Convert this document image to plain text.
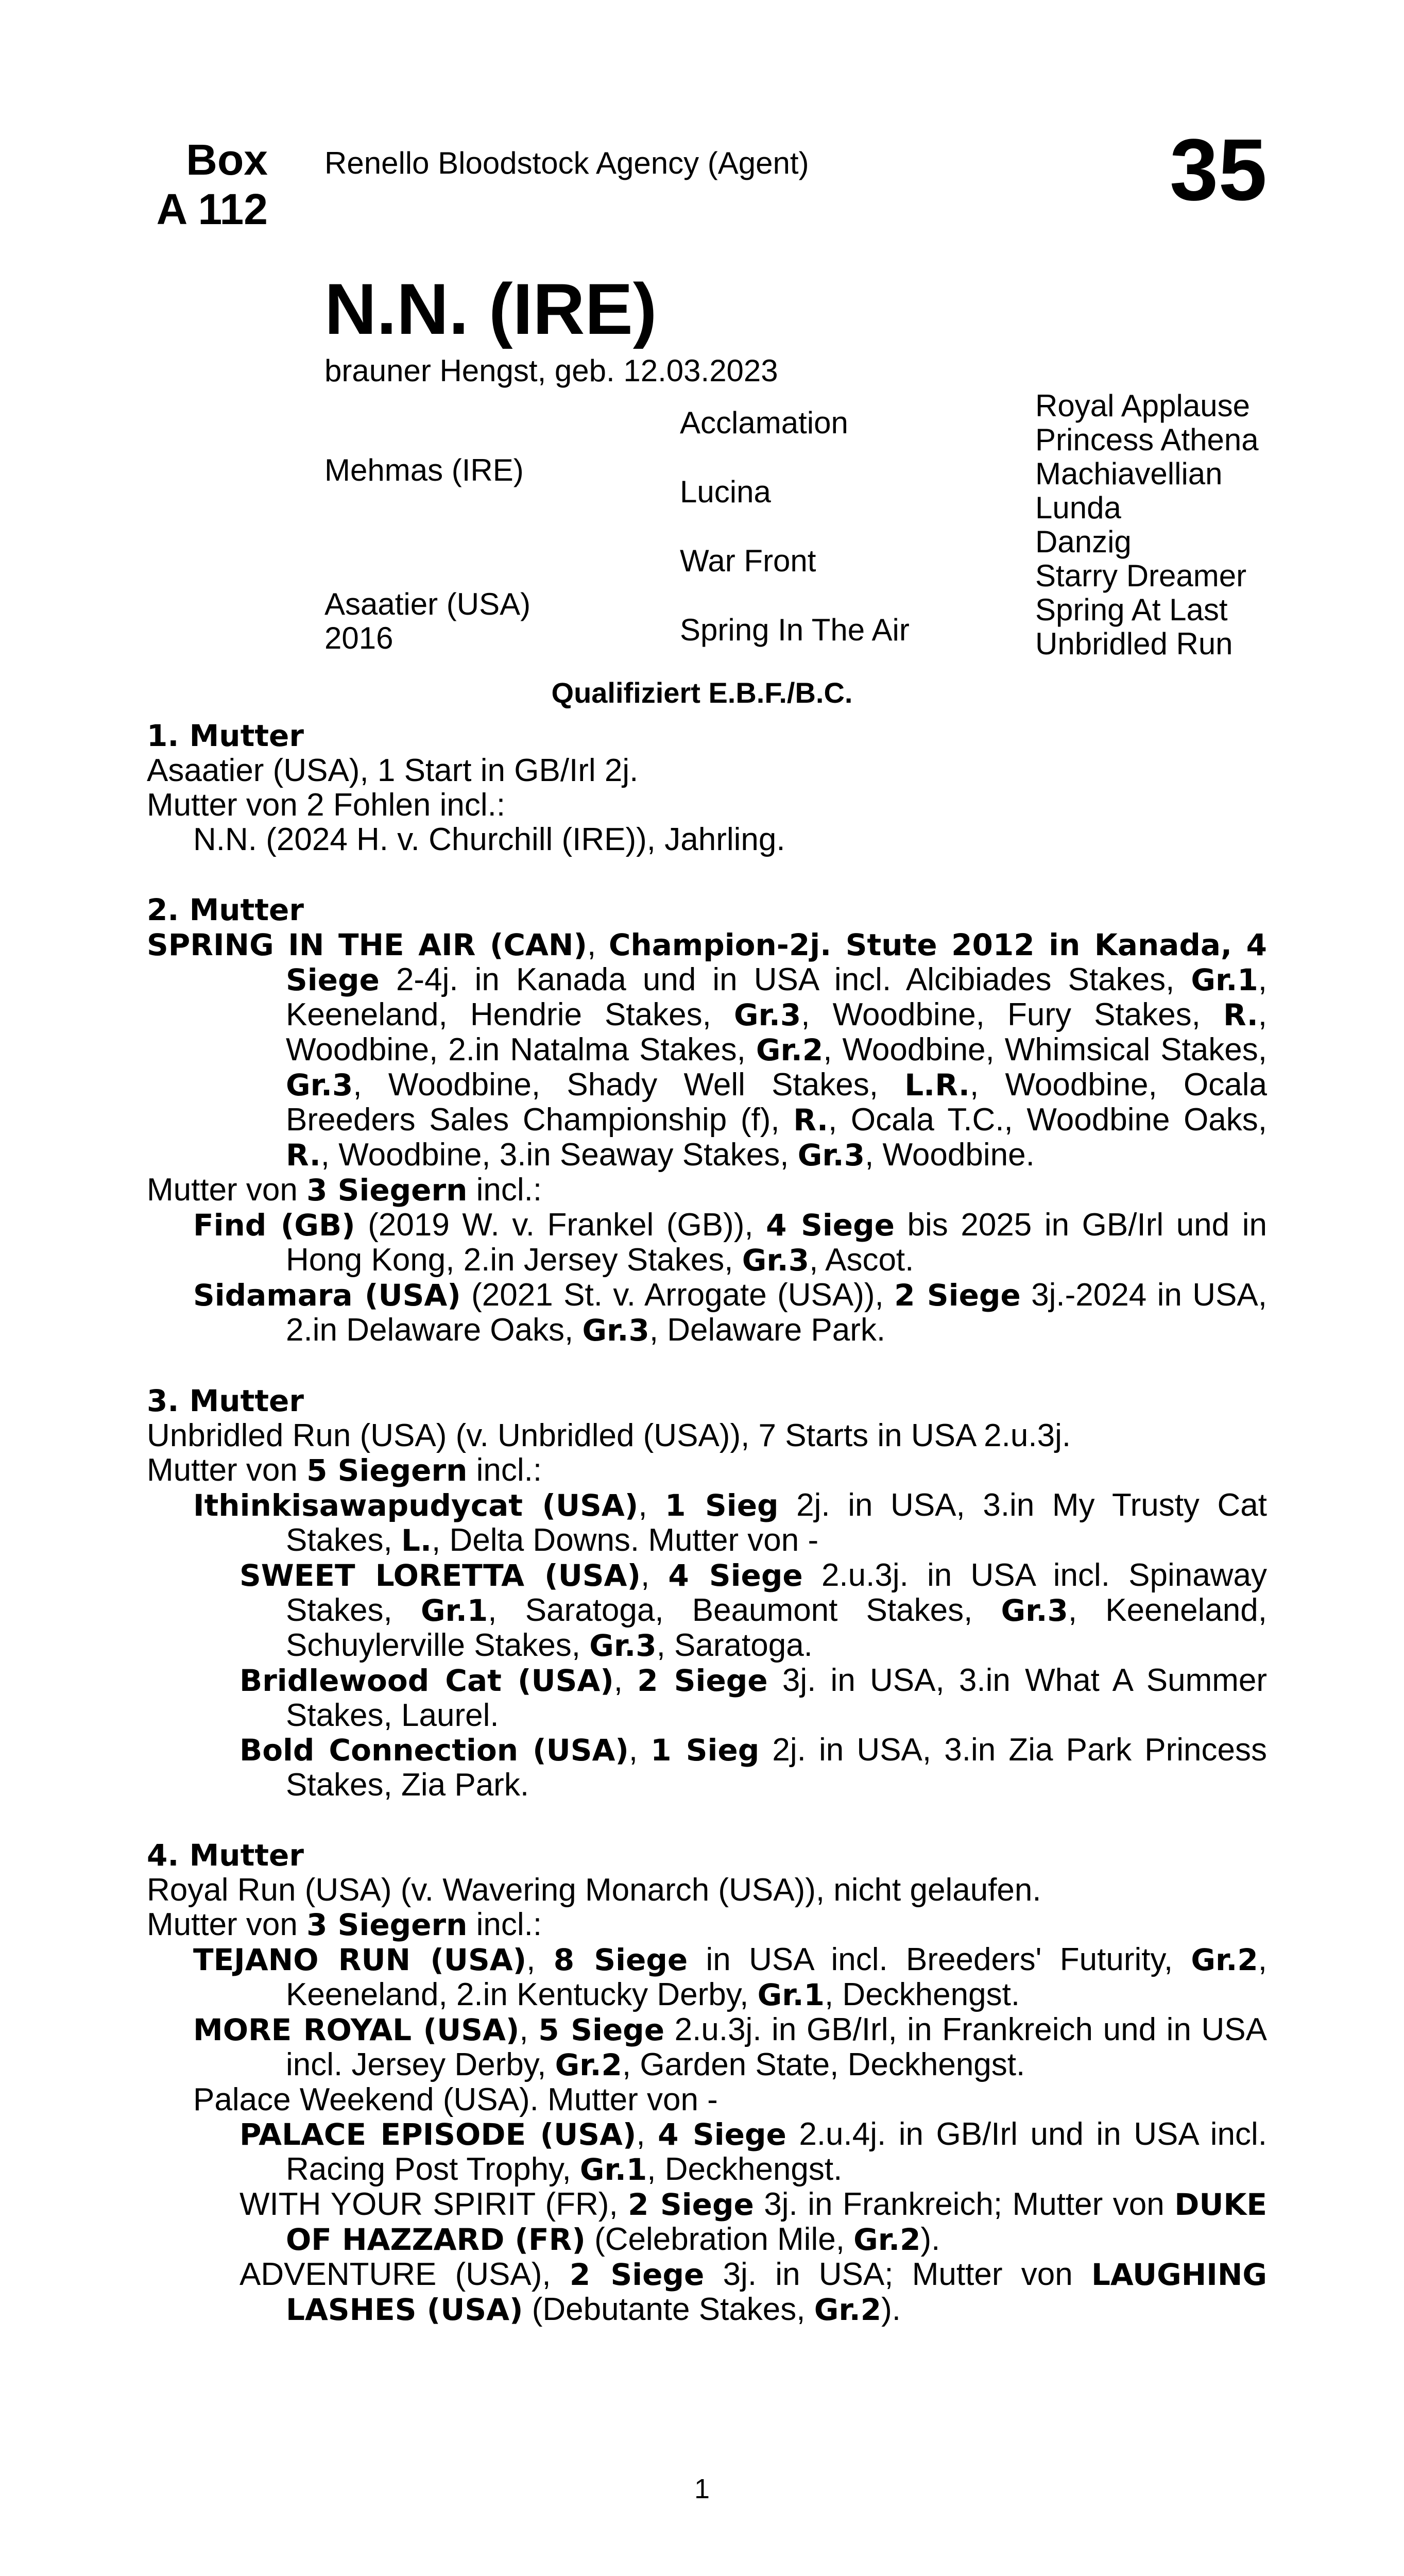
Box
A 112
Renello Bloodstock Agency (Agent)	35
N.N. (IRE)
brauner Hengst, geb. 12.03.2023
Mehmas (IRE)
Asaatier (USA)
2016
Acclamation
Lucina
War Front
Spring In The Air
Royal Applause
Princess Athena
Machiavellian
Lunda
Danzig
Starry Dreamer
Spring At Last
Unbridled Run
Qualifiziert E.B.F./B.C.
1. Mutter
Asaatier (USA), 1 Start in GB/Irl 2j.
Mutter von 2 Fohlen incl.:
N.N. (2024 H. v. Churchill (IRE)), Jahrling.
2. Mutter
SPRING IN THE AIR (CAN), Champion-2j. Stute 2012 in Kanada, 4 Siege 2-4j. in Kanada und in USA incl. Alcibiades Stakes, Gr.1, Keeneland, Hendrie Stakes, Gr.3, Woodbine, Fury Stakes, R., Woodbine, 2.in Natalma Stakes, Gr.2, Woodbine, Whimsical Stakes, Gr.3, Woodbine, Shady Well Stakes, L.R., Woodbine, Ocala Breeders Sales Championship (f), R., Ocala T.C., Woodbine Oaks, R., Woodbine, 3.in Seaway Stakes, Gr.3, Woodbine.
Mutter von 3 Siegern incl.:
Find (GB) (2019 W. v. Frankel (GB)), 4 Siege bis 2025 in GB/Irl und in Hong Kong, 2.in Jersey Stakes, Gr.3, Ascot.
Sidamara (USA) (2021 St. v. Arrogate (USA)), 2 Siege 3j.-2024 in USA, 2.in Delaware Oaks, Gr.3, Delaware Park.
3. Mutter
Unbridled Run (USA) (v. Unbridled (USA)), 7 Starts in USA 2.u.3j.
Mutter von 5 Siegern incl.:
Ithinkisawapudycat (USA), 1 Sieg 2j. in USA, 3.in My Trusty Cat Stakes, L., Delta Downs. Mutter von -
SWEET LORETTA (USA), 4 Siege 2.u.3j. in USA incl. Spinaway Stakes, Gr.1, Saratoga, Beaumont Stakes, Gr.3, Keeneland, Schuylerville Stakes, Gr.3, Saratoga.
Bridlewood Cat (USA), 2 Siege 3j. in USA, 3.in What A Summer Stakes, Laurel.
Bold Connection (USA), 1 Sieg 2j. in USA, 3.in Zia Park Princess Stakes, Zia Park.
4. Mutter
Royal Run (USA) (v. Wavering Monarch (USA)), nicht gelaufen.
Mutter von 3 Siegern incl.:
TEJANO RUN (USA), 8 Siege in USA incl. Breeders' Futurity, Gr.2, Keeneland, 2.in Kentucky Derby, Gr.1, Deckhengst.
MORE ROYAL (USA), 5 Siege 2.u.3j. in GB/Irl, in Frankreich und in USA incl. Jersey Derby, Gr.2, Garden State, Deckhengst.
Palace Weekend (USA). Mutter von -
PALACE EPISODE (USA), 4 Siege 2.u.4j. in GB/Irl und in USA incl. Racing Post Trophy, Gr.1, Deckhengst.
WITH YOUR SPIRIT (FR), 2 Siege 3j. in Frankreich; Mutter von DUKE OF HAZZARD (FR) (Celebration Mile, Gr.2).
ADVENTURE (USA), 2 Siege 3j. in USA; Mutter von LAUGHING LASHES (USA) (Debutante Stakes, Gr.2).
1
